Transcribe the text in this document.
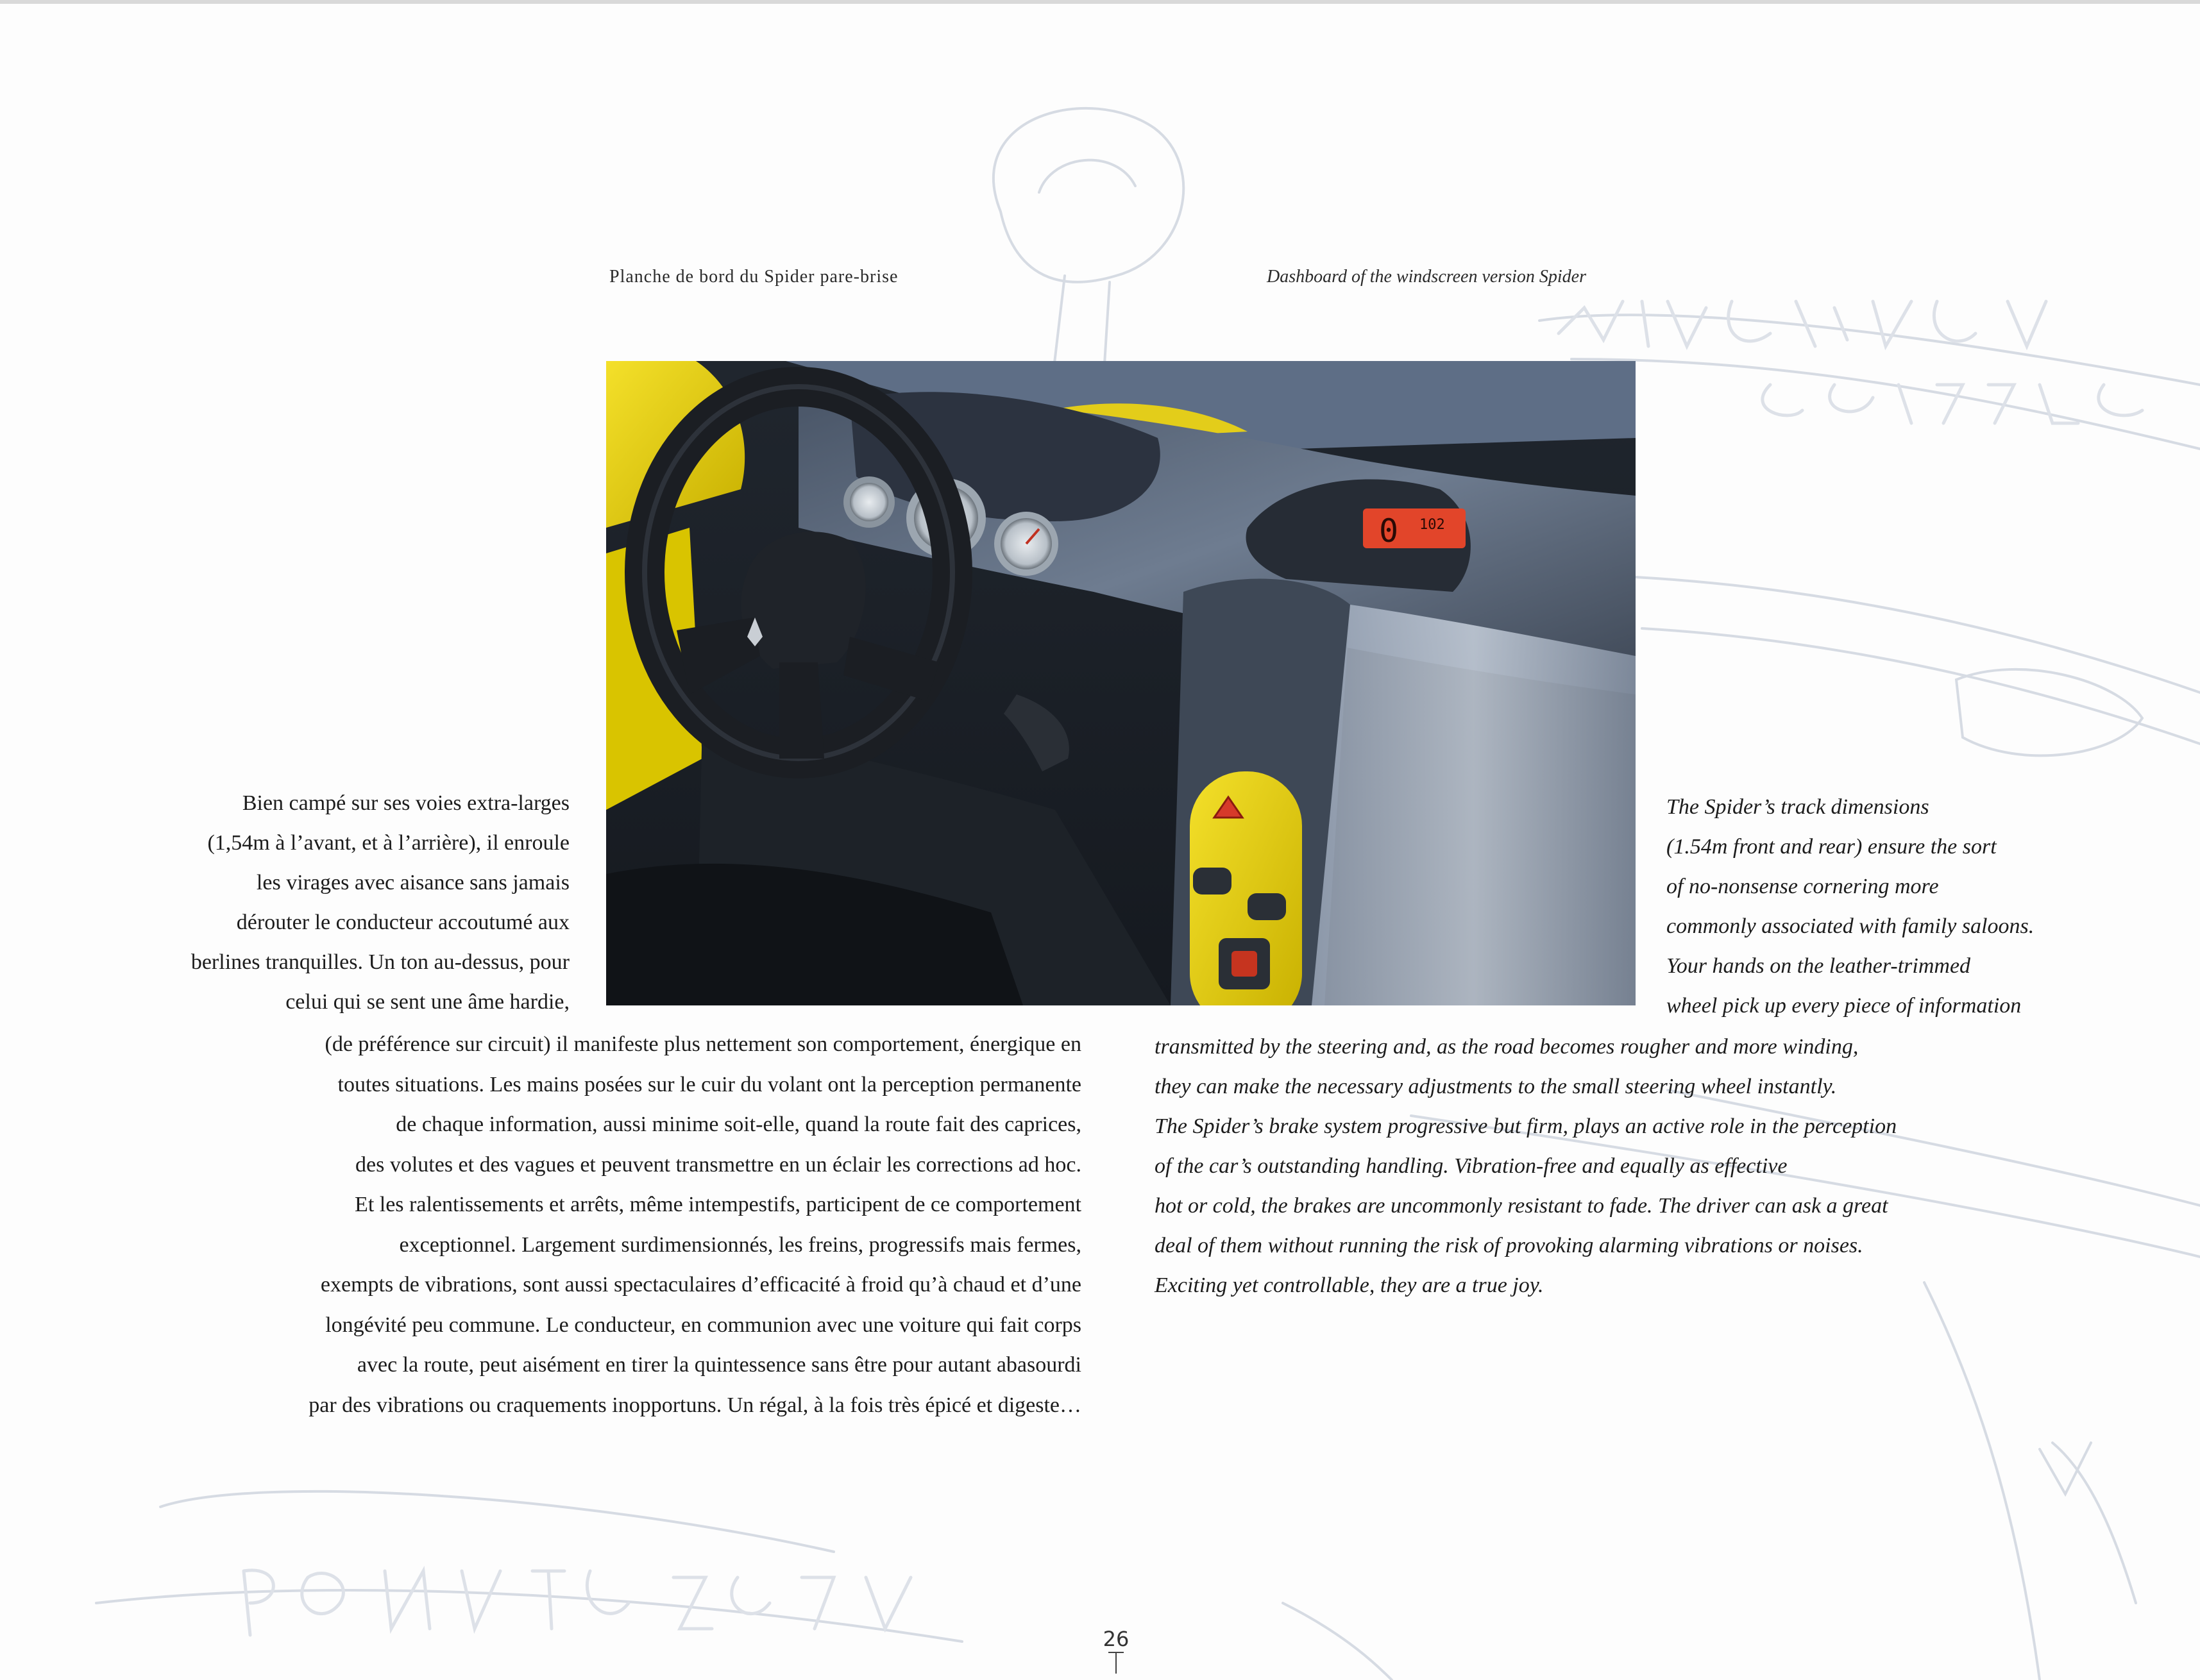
Planche de bord du Spider pare-brise	Dashboard of the windscreen version Spider
0 102

Bien campé sur ses voies extra-larges

(1,54m à l’avant, et à l’arrière), il enroule

les virages avec aisance sans jamais

dérouter le conducteur accoutumé aux

berlines tranquilles. Un ton au-dessus, pour

celui qui se sent une âme hardie,

(de préférence sur circuit) il manifeste plus nettement son comportement, énergique en

toutes situations. Les mains posées sur le cuir du volant ont la perception permanente

de chaque information, aussi minime soit-elle, quand la route fait des caprices,

des volutes et des vagues et peuvent transmettre en un éclair les corrections ad hoc.

Et les ralentissements et arrêts, même intempestifs, participent de ce comportement

exceptionnel. Largement surdimensionnés, les freins, progressifs mais fermes,

exempts de vibrations, sont aussi spectaculaires d’efficacité à froid qu’à chaud et d’une

longévité peu commune. Le conducteur, en communion avec une voiture qui fait corps

avec la route, peut aisément en tirer la quintessence sans être pour autant abasourdi

par des vibrations ou craquements inopportuns. Un régal, à la fois très épicé et digeste…

The Spider’s track dimensions

(1.54m front and rear) ensure the sort

of no-nonsense cornering more

commonly associated with family saloons.

Your hands on the leather-trimmed

wheel pick up every piece of information

transmitted by the steering and, as the road becomes rougher and more winding,

they can make the necessary adjustments to the small steering wheel instantly.

The Spider’s brake system progressive but firm, plays an active role in the perception

of the car’s outstanding handling. Vibration-free and equally as effective

hot or cold, the brakes are uncommonly resistant to fade. The driver can ask a great

deal of them without running the risk of provoking alarming vibrations or noises.

Exciting yet controllable, they are a true joy.

26
